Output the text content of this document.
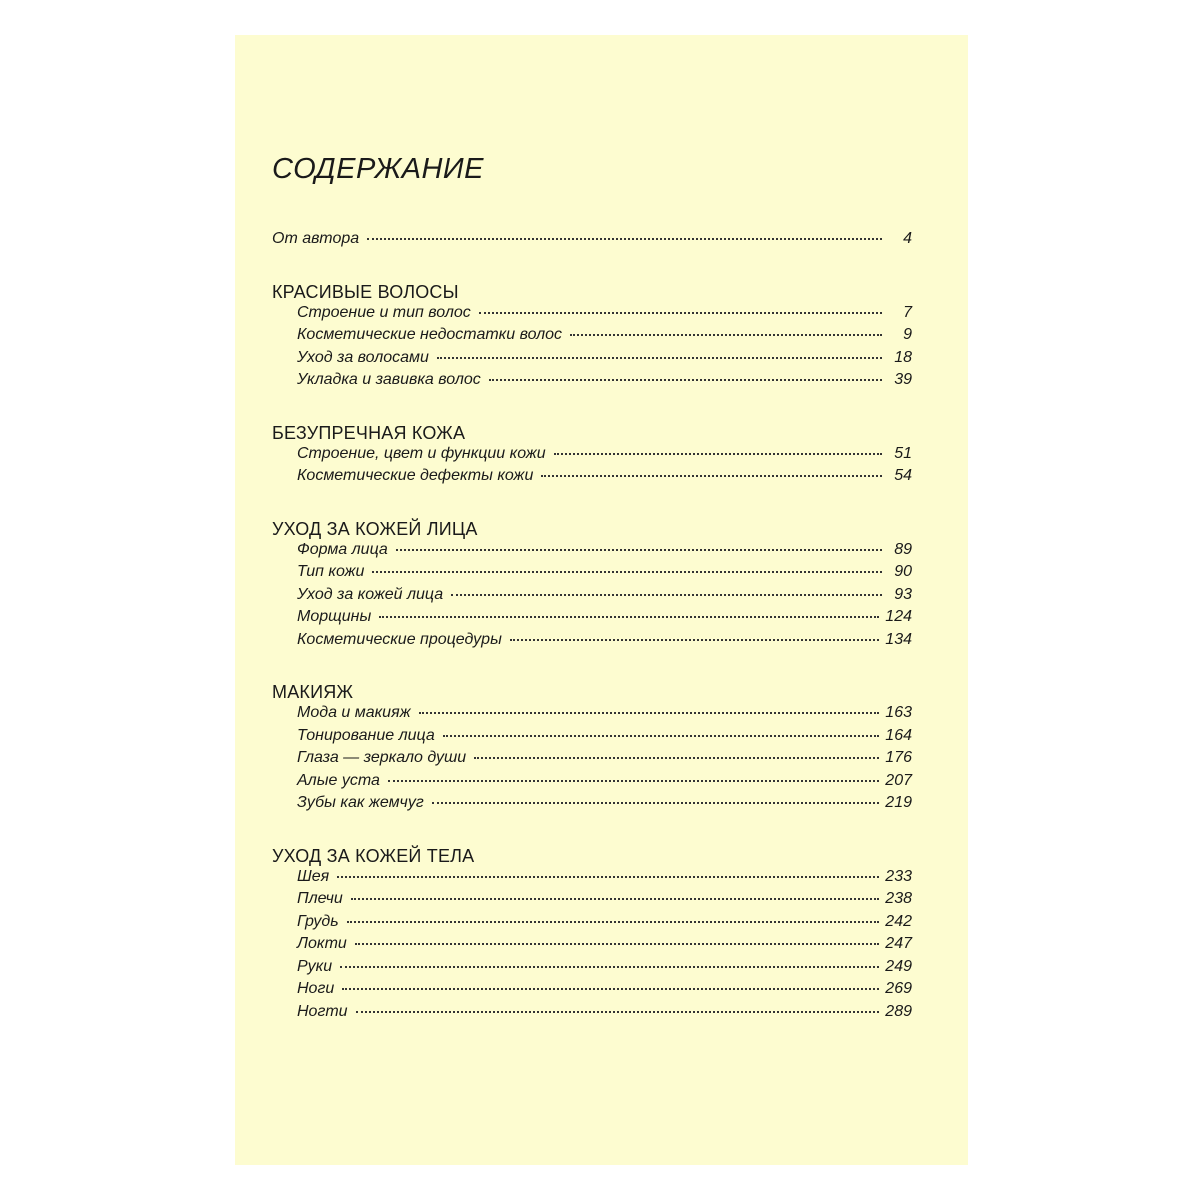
СОДЕРЖАНИЕ
От автора	4
КРАСИВЫЕ ВОЛОСЫ
Строение и тип волос	7
Косметические недостатки волос	9
Уход за волосами	18
Укладка и завивка волос	39
БЕЗУПРЕЧНАЯ КОЖА
Строение, цвет и функции кожи	51
Косметические дефекты кожи	54
УХОД ЗА КОЖЕЙ ЛИЦА
Форма лица	89
Тип кожи	90
Уход за кожей лица	93
Морщины	124
Косметические процедуры	134
МАКИЯЖ
Мода и макияж	163
Тонирование лица	164
Глаза — зеркало души	176
Алые уста	207
Зубы как жемчуг	219
УХОД ЗА КОЖЕЙ ТЕЛА
Шея	233
Плечи	238
Грудь	242
Локти	247
Руки	249
Ноги	269
Ногти	289
